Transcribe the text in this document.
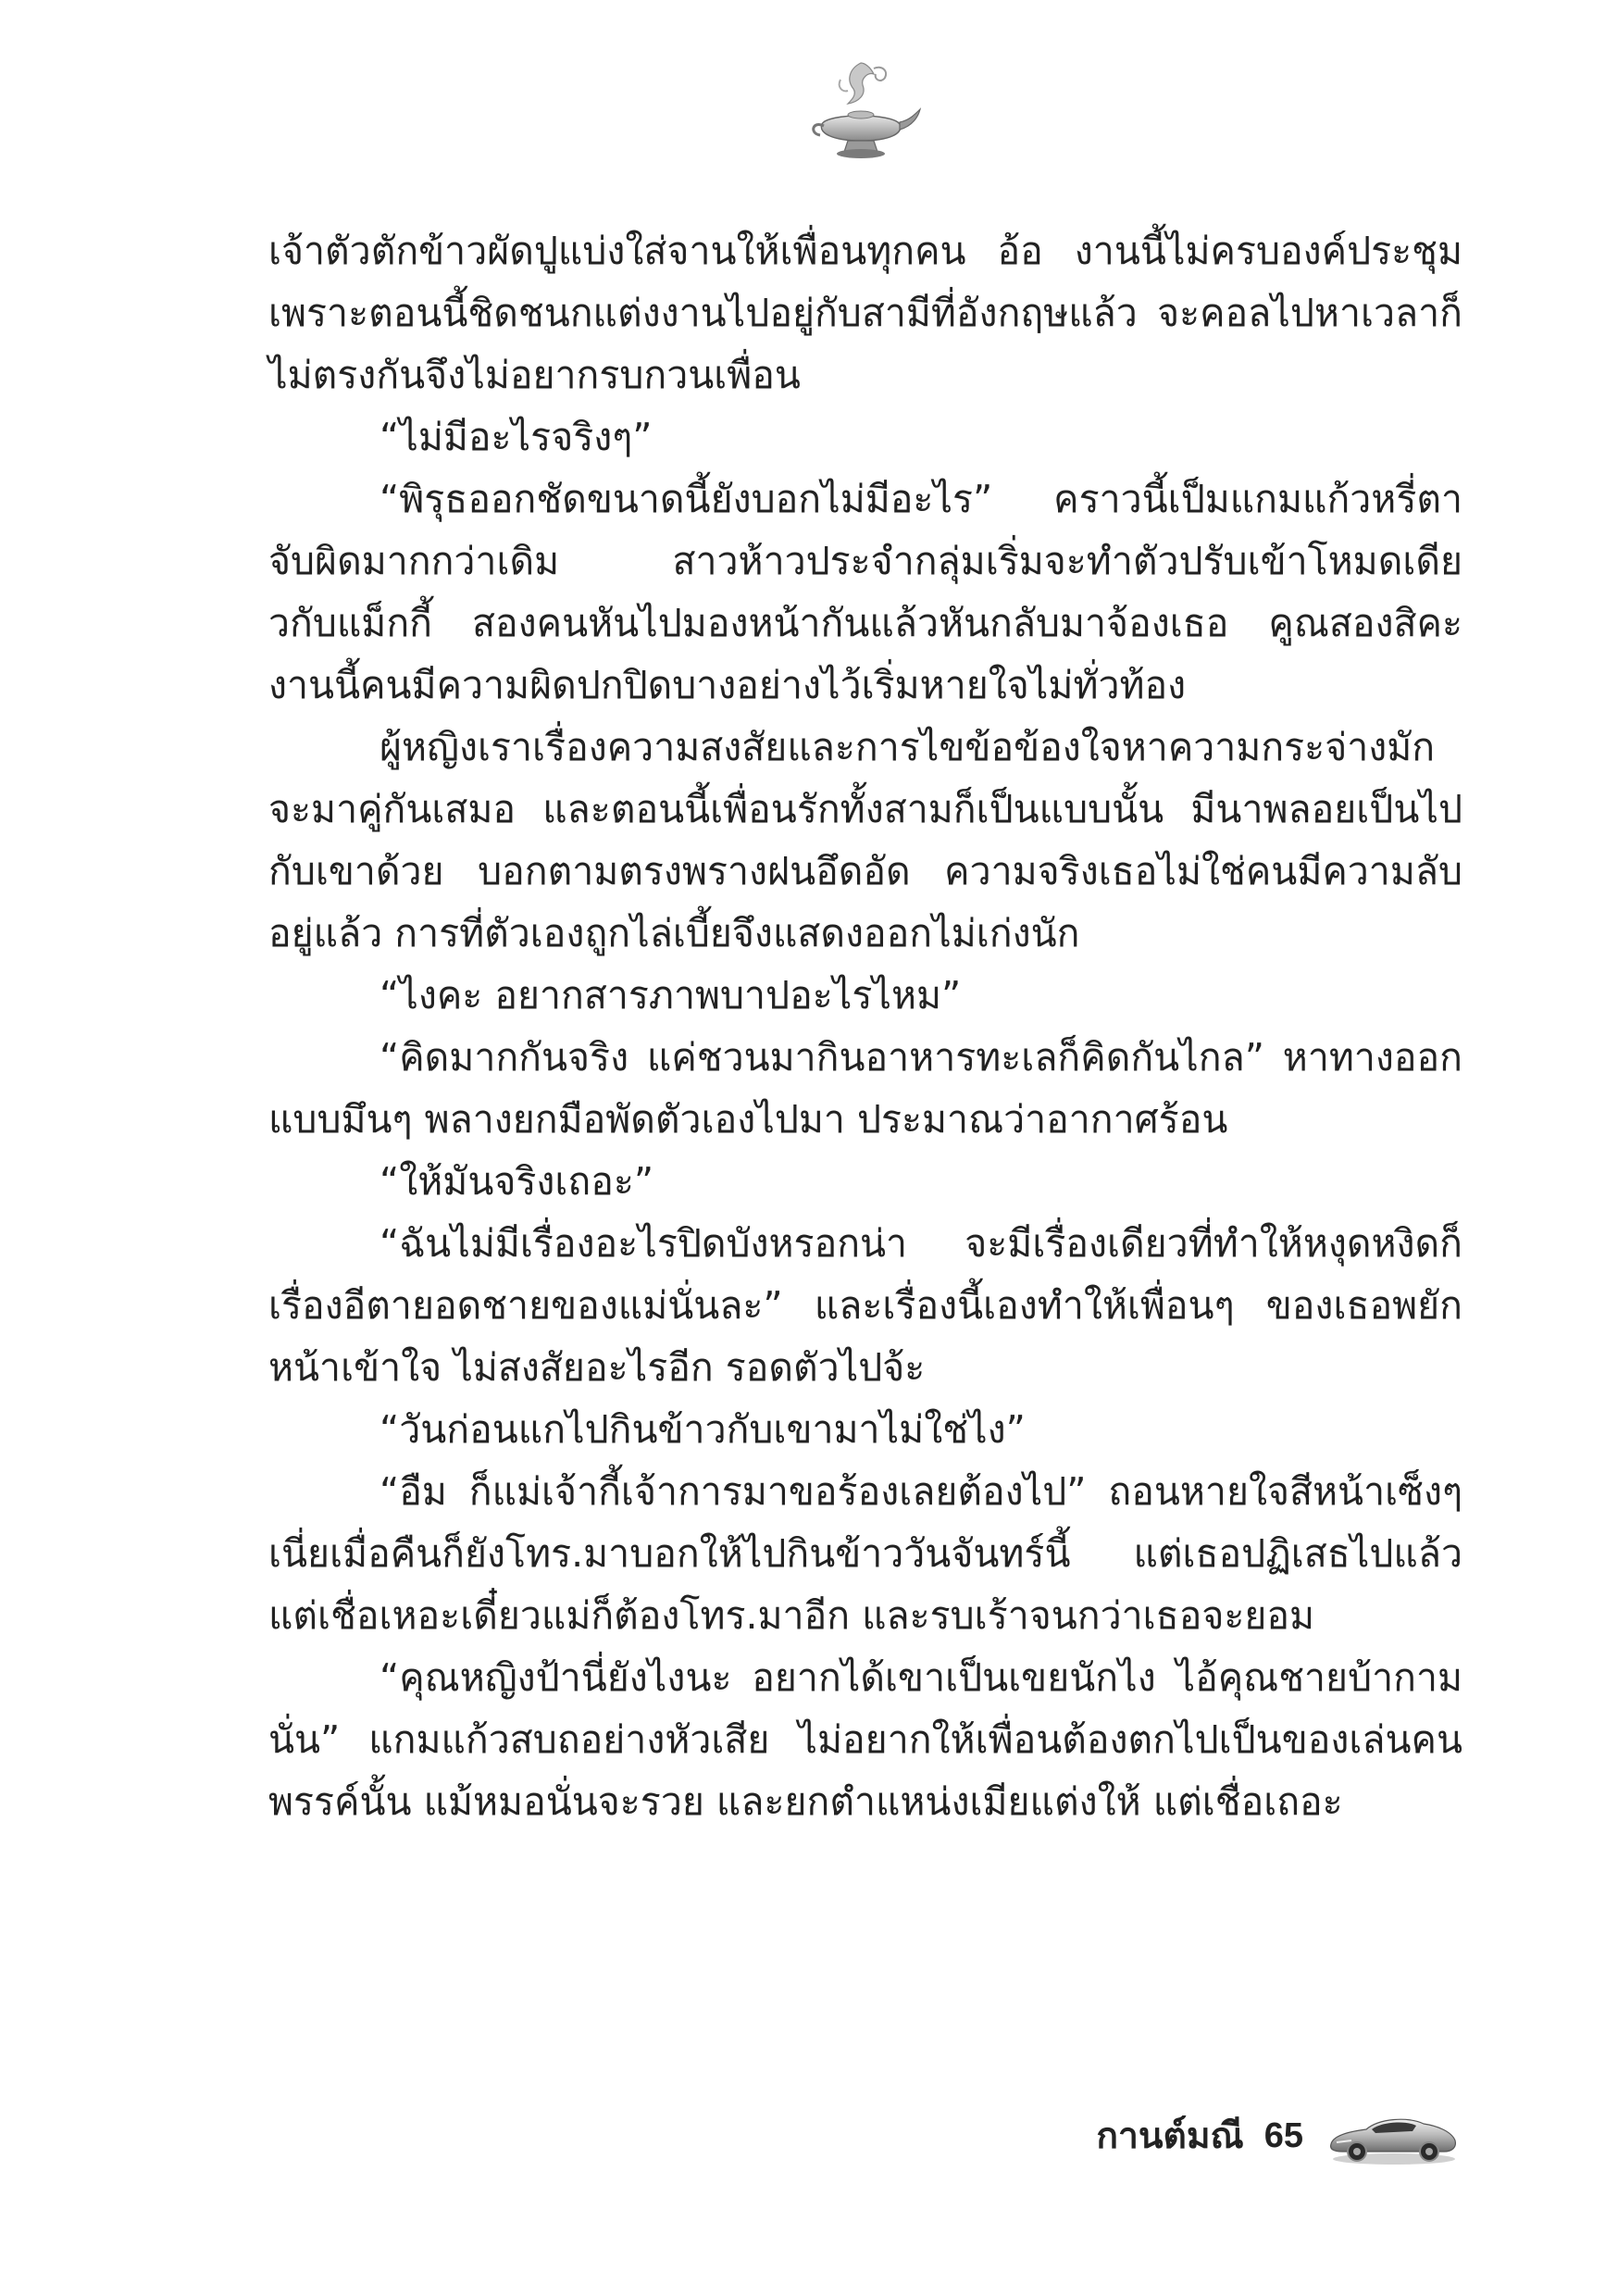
เจ้าตัวตักข้าวผัดปูแบ่งใส่จานให้เพื่อนทุกคน อ้อ งานนี้ไม่ครบองค์ประชุม เพราะตอนนี้ชิดชนกแต่งงานไปอยู่กับสามีที่อังกฤษแล้ว จะคอลไปหาเวลาก็ไม่ตรงกันจึงไม่อยากรบกวนเพื่อน

“ไม่มีอะไรจริงๆ”

“พิรุธออกชัดขนาดนี้ยังบอกไม่มีอะไร” คราวนี้เป็มแกมแก้วหรี่ตาจับผิดมากกว่าเดิม สาวห้าวประจำกลุ่มเริ่มจะทำตัวปรับเข้าโหมดเดียวกับแม็กกี้ สองคนหันไปมองหน้ากันแล้วหันกลับมาจ้องเธอ คูณสองสิคะงานนี้คนมีความผิดปกปิดบางอย่างไว้เริ่มหายใจไม่ทั่วท้อง

ผู้หญิงเราเรื่องความสงสัยและการไขข้อข้องใจหาความกระจ่างมักจะมาคู่กันเสมอ และตอนนี้เพื่อนรักทั้งสามก็เป็นแบบนั้น มีนาพลอยเป็นไปกับเขาด้วย บอกตามตรงพรางฝนอึดอัด ความจริงเธอไม่ใช่คนมีความลับอยู่แล้ว การที่ตัวเองถูกไล่เบี้ยจึงแสดงออกไม่เก่งนัก

“ไงคะ อยากสารภาพบาปอะไรไหม”

“คิดมากกันจริง แค่ชวนมากินอาหารทะเลก็คิดกันไกล” หาทางออกแบบมึนๆ พลางยกมือพัดตัวเองไปมา ประมาณว่าอากาศร้อน

“ให้มันจริงเถอะ”

“ฉันไม่มีเรื่องอะไรปิดบังหรอกน่า จะมีเรื่องเดียวที่ทำให้หงุดหงิดก็เรื่องอีตายอดชายของแม่นั่นละ” และเรื่องนี้เองทำให้เพื่อนๆ ของเธอพยักหน้าเข้าใจ ไม่สงสัยอะไรอีก รอดตัวไปจ้ะ

“วันก่อนแกไปกินข้าวกับเขามาไม่ใช่ไง”

“อืม ก็แม่เจ้ากี้เจ้าการมาขอร้องเลยต้องไป” ถอนหายใจสีหน้าเซ็งๆ เนี่ยเมื่อคืนก็ยังโทร.มาบอกให้ไปกินข้าววันจันทร์นี้ แต่เธอปฏิเสธไปแล้ว แต่เชื่อเหอะเดี๋ยวแม่ก็ต้องโทร.มาอีก และรบเร้าจนกว่าเธอจะยอม

“คุณหญิงป้านี่ยังไงนะ อยากได้เขาเป็นเขยนักไง ไอ้คุณชายบ้ากามนั่น” แกมแก้วสบถอย่างหัวเสีย ไม่อยากให้เพื่อนต้องตกไปเป็นของเล่นคนพรรค์นั้น แม้หมอนั่นจะรวย และยกตำแหน่งเมียแต่งให้ แต่เชื่อเถอะ

กานต์มณี 65
